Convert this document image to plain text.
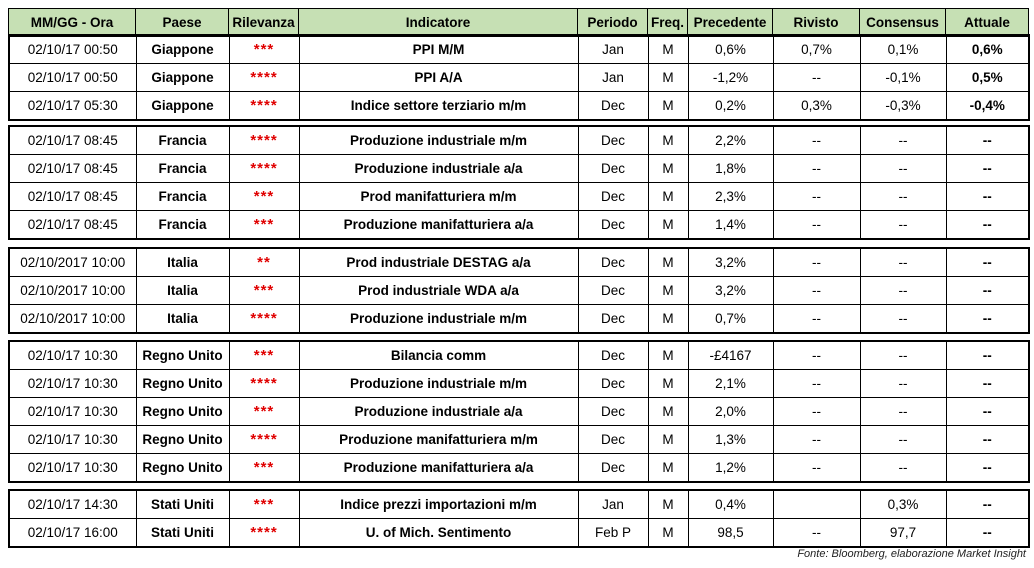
MM/GG - Ora	Paese	Rilevanza	Indicatore	Periodo	Freq.	Precedente	Rivisto	Consensus	Attuale
02/10/17 00:50	Giappone	***	PPI M/M	Jan	M	0,6%	0,7%	0,1%	0,6%
02/10/17 00:50	Giappone	****	PPI A/A	Jan	M	-1,2%	--	-0,1%	0,5%
02/10/17 05:30	Giappone	****	Indice settore terziario m/m	Dec	M	0,2%	0,3%	-0,3%	-0,4%
02/10/17 08:45	Francia	****	Produzione industriale m/m	Dec	M	2,2%	--	--	--
02/10/17 08:45	Francia	****	Produzione industriale a/a	Dec	M	1,8%	--	--	--
02/10/17 08:45	Francia	***	Prod manifatturiera m/m	Dec	M	2,3%	--	--	--
02/10/17 08:45	Francia	***	Produzione manifatturiera a/a	Dec	M	1,4%	--	--	--
02/10/2017 10:00	Italia	**	Prod industriale DESTAG a/a	Dec	M	3,2%	--	--	--
02/10/2017 10:00	Italia	***	Prod industriale WDA a/a	Dec	M	3,2%	--	--	--
02/10/2017 10:00	Italia	****	Produzione industriale m/m	Dec	M	0,7%	--	--	--
02/10/17 10:30	Regno Unito	***	Bilancia comm	Dec	M	-£4167	--	--	--
02/10/17 10:30	Regno Unito	****	Produzione industriale m/m	Dec	M	2,1%	--	--	--
02/10/17 10:30	Regno Unito	***	Produzione industriale a/a	Dec	M	2,0%	--	--	--
02/10/17 10:30	Regno Unito	****	Produzione manifatturiera m/m	Dec	M	1,3%	--	--	--
02/10/17 10:30	Regno Unito	***	Produzione manifatturiera a/a	Dec	M	1,2%	--	--	--
02/10/17 14:30	Stati Uniti	***	Indice prezzi importazioni m/m	Jan	M	0,4%		0,3%	--
02/10/17 16:00	Stati Uniti	****	U. of Mich. Sentimento	Feb P	M	98,5	--	97,7	--
Fonte: Bloomberg, elaborazione Market Insight
